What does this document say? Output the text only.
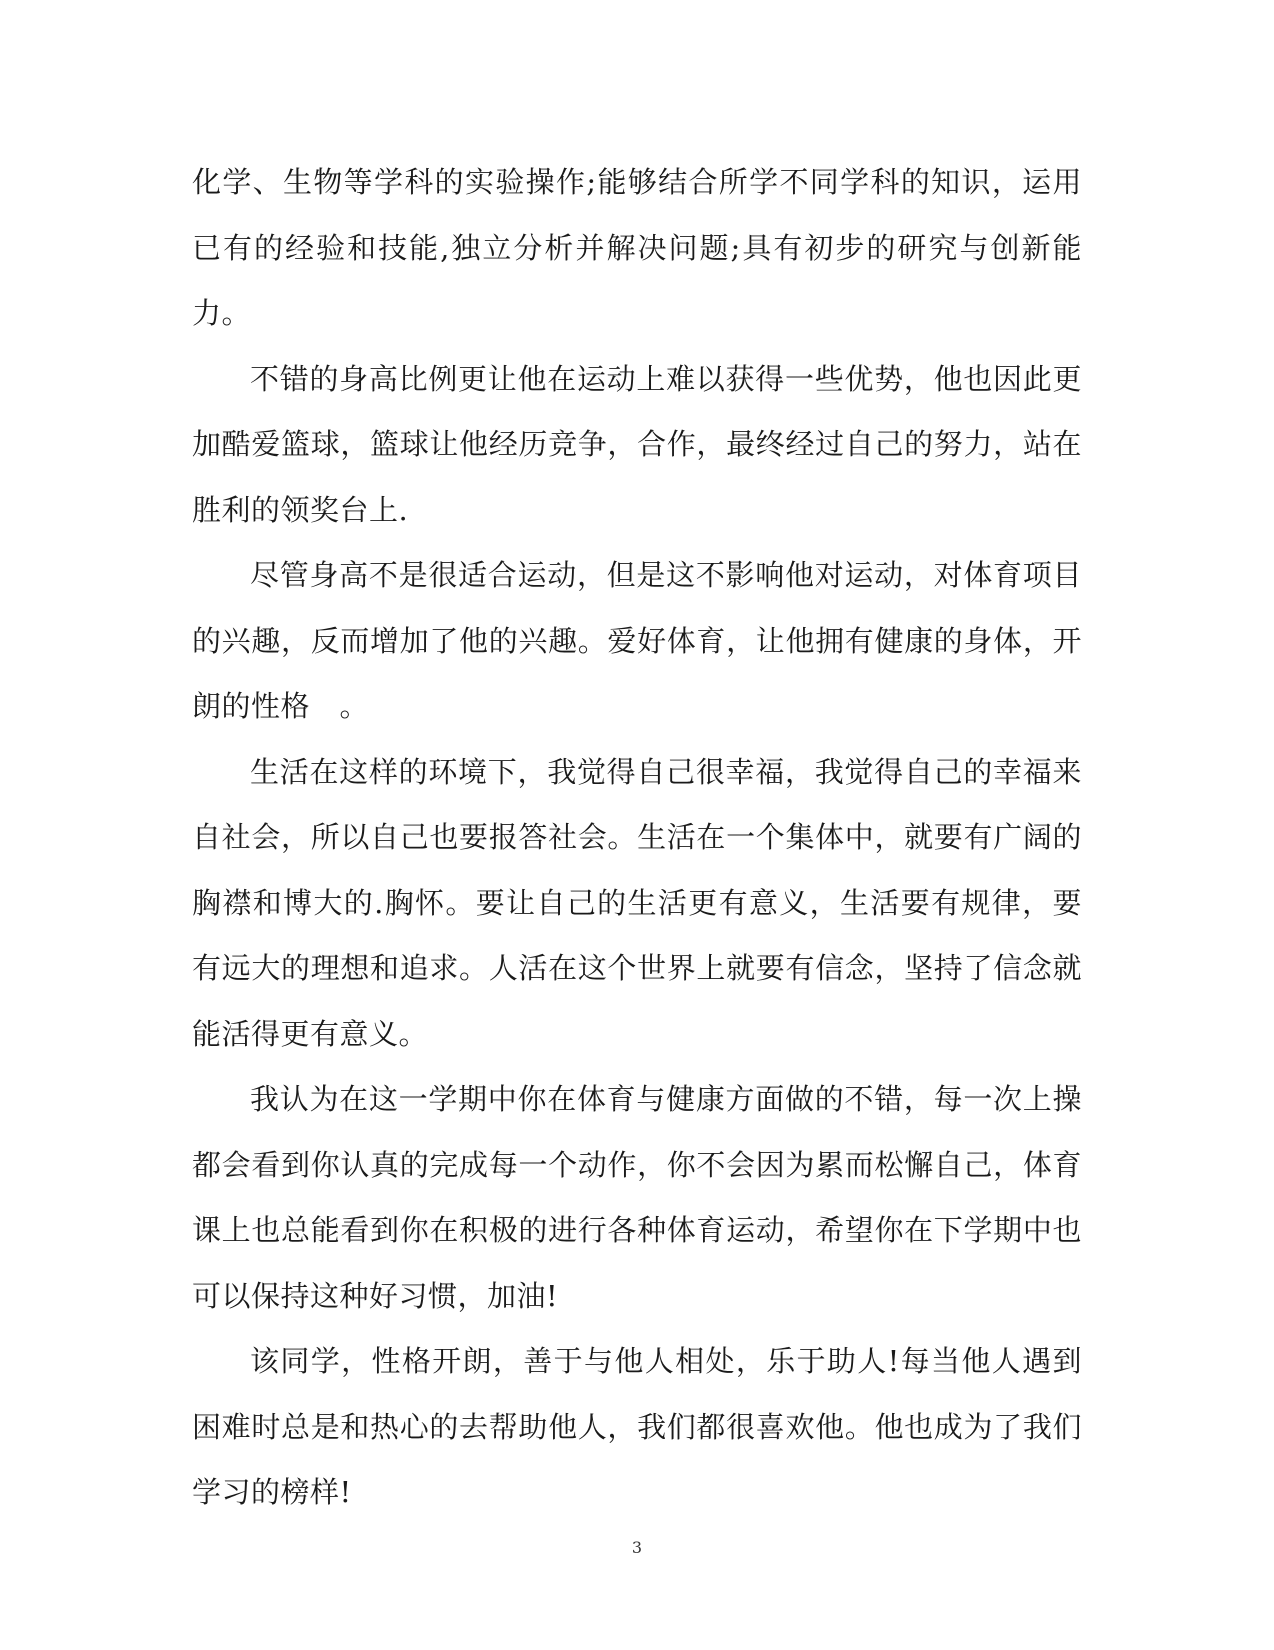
化学、生物等学科的实验操作;能够结合所学不同学科的知识，运用已有的经验和技能,独立分析并解决问题;具有初步的研究与创新能力。

不错的身高比例更让他在运动上难以获得一些优势，他也因此更加酷爱篮球，篮球让他经历竞争，合作，最终经过自己的努力，站在胜利的领奖台上.

尽管身高不是很适合运动，但是这不影响他对运动，对体育项目的兴趣，反而增加了他的兴趣。爱好体育，让他拥有健康的身体，开朗的性格　。

生活在这样的环境下，我觉得自己很幸福，我觉得自己的幸福来自社会，所以自己也要报答社会。生活在一个集体中，就要有广阔的胸襟和博大的.胸怀。要让自己的生活更有意义，生活要有规律，要有远大的理想和追求。人活在这个世界上就要有信念，坚持了信念就能活得更有意义。

我认为在这一学期中你在体育与健康方面做的不错，每一次上操都会看到你认真的完成每一个动作，你不会因为累而松懈自己，体育课上也总能看到你在积极的进行各种体育运动，希望你在下学期中也可以保持这种好习惯，加油!

该同学，性格开朗，善于与他人相处，乐于助人!每当他人遇到困难时总是和热心的去帮助他人，我们都很喜欢他。他也成为了我们学习的榜样!

3
